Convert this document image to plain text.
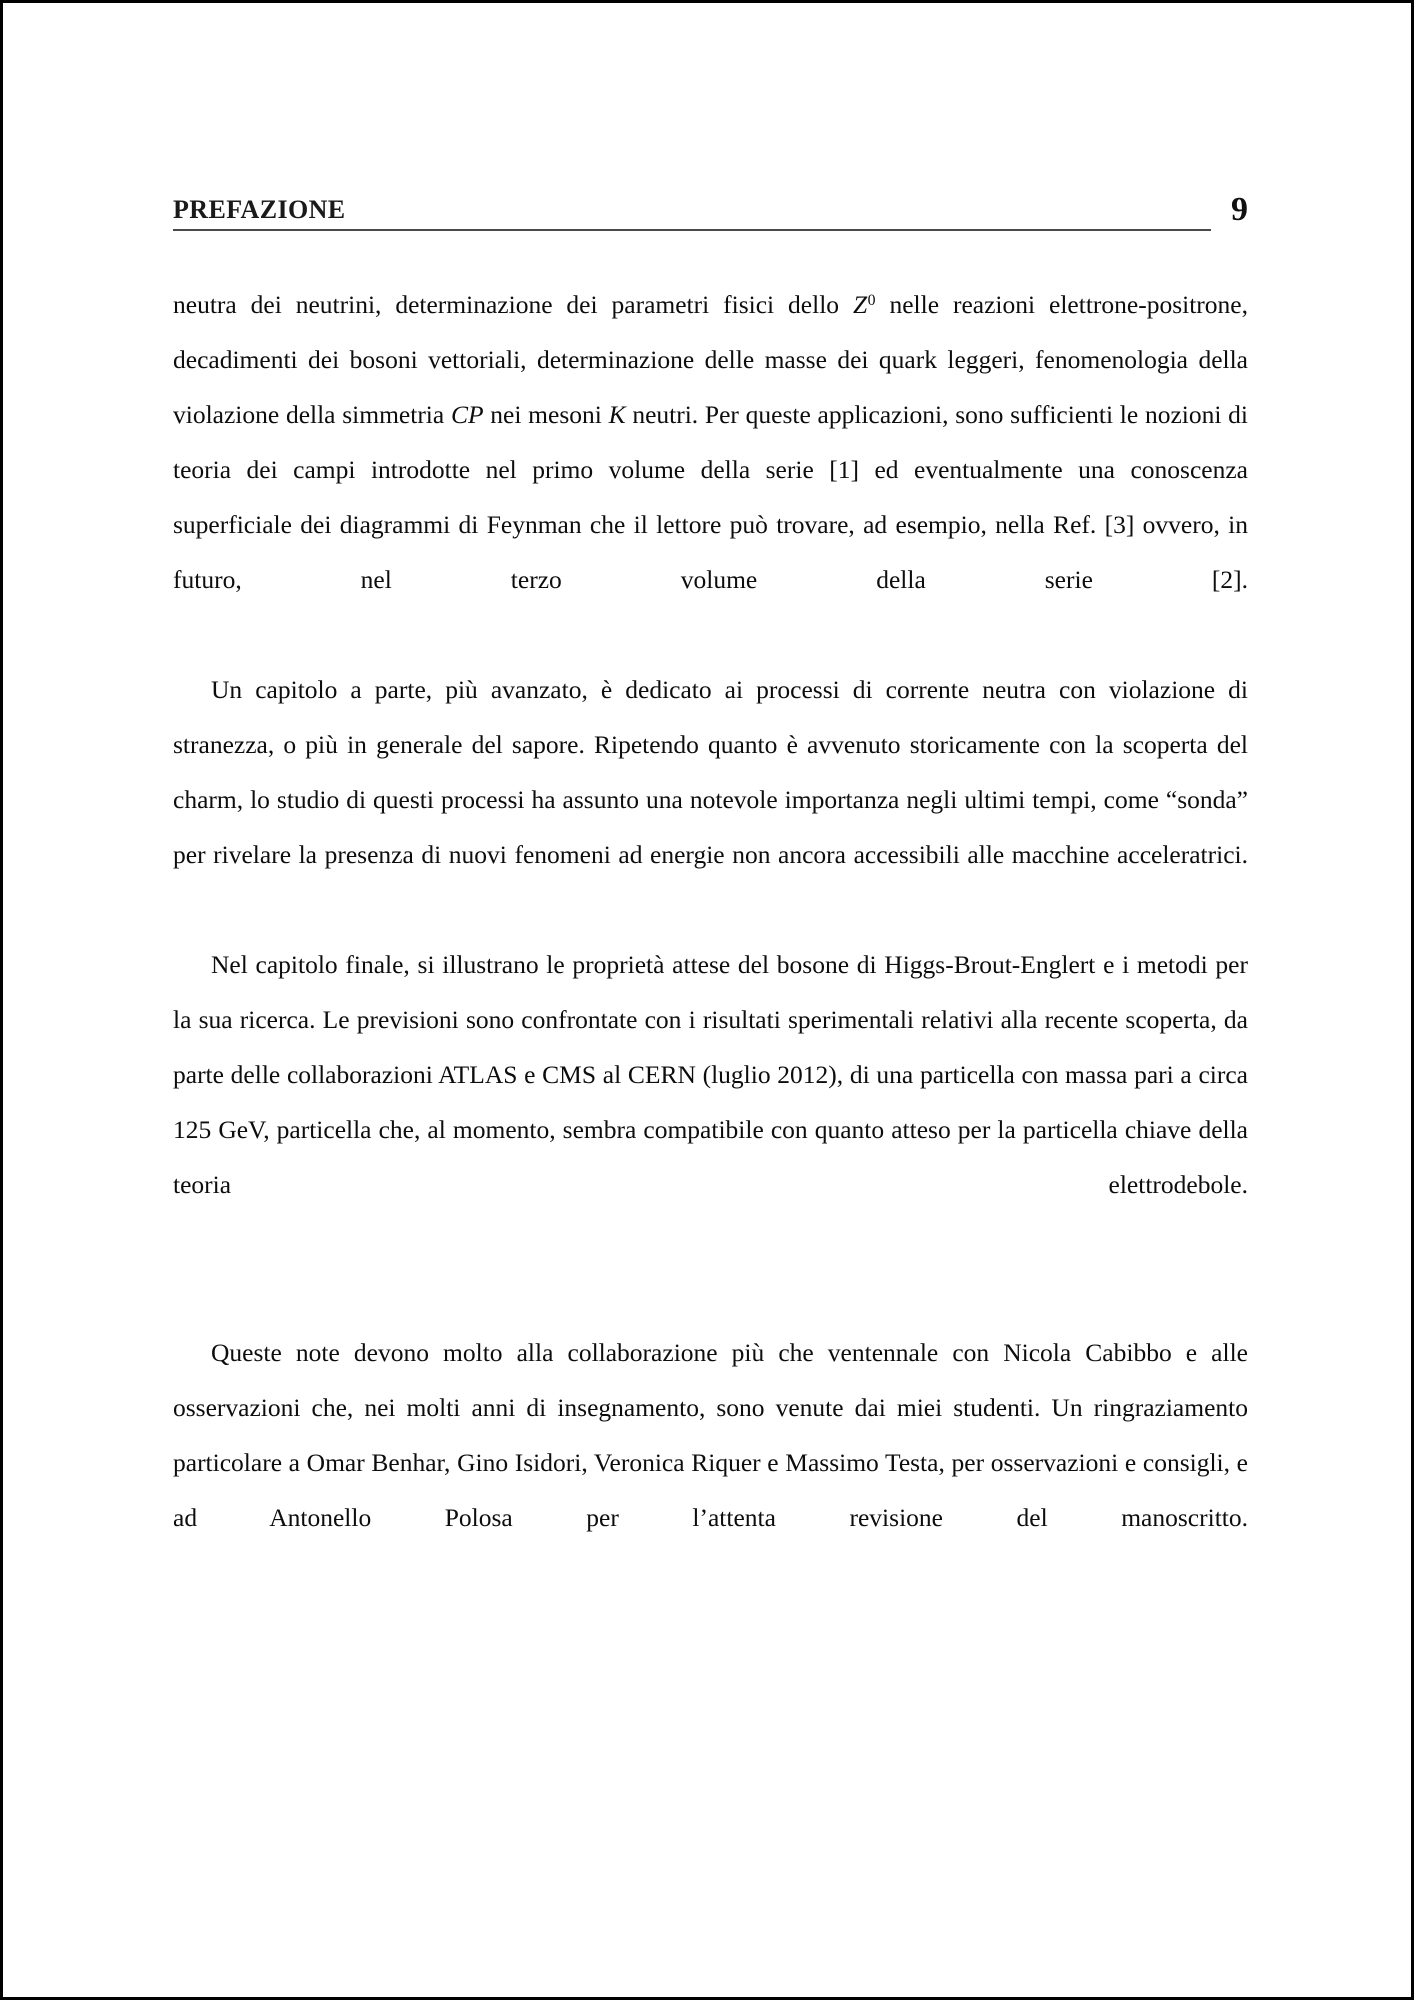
PREFAZIONE	9

neutra dei neutrini, determinazione dei parametri fisici dello $Z^0$ nelle reazioni elettrone-positrone, decadimenti dei bosoni vettoriali, determinazione delle masse dei quark leggeri, fenomenologia della violazione della simmetria CP nei mesoni K neutri. Per queste applicazioni, sono sufficienti le nozioni di teoria dei campi introdotte nel primo volume della serie [1] ed eventualmente una conoscenza superficiale dei diagrammi di Feynman che il lettore può trovare, ad esempio, nella Ref. [3] ovvero, in futuro, nel terzo volume della serie [2].

Un capitolo a parte, più avanzato, è dedicato ai processi di corrente neutra con violazione di stranezza, o più in generale del sapore. Ripetendo quanto è avvenuto storicamente con la scoperta del charm, lo studio di questi processi ha assunto una notevole importanza negli ultimi tempi, come “sonda” per rivelare la presenza di nuovi fenomeni ad energie non ancora accessibili alle macchine acceleratrici.

Nel capitolo finale, si illustrano le proprietà attese del bosone di Higgs-Brout-Englert e i metodi per la sua ricerca. Le previsioni sono confrontate con i risultati sperimentali relativi alla recente scoperta, da parte delle collaborazioni ATLAS e CMS al CERN (luglio 2012), di una particella con massa pari a circa 125 GeV, particella che, al momento, sembra compatibile con quanto atteso per la particella chiave della teoria elettrodebole.

Queste note devono molto alla collaborazione più che ventennale con Nicola Cabibbo e alle osservazioni che, nei molti anni di insegnamento, sono venute dai miei studenti. Un ringraziamento particolare a Omar Benhar, Gino Isidori, Veronica Riquer e Massimo Testa, per osservazioni e consigli, e ad Antonello Polosa per l’attenta revisione del manoscritto.
